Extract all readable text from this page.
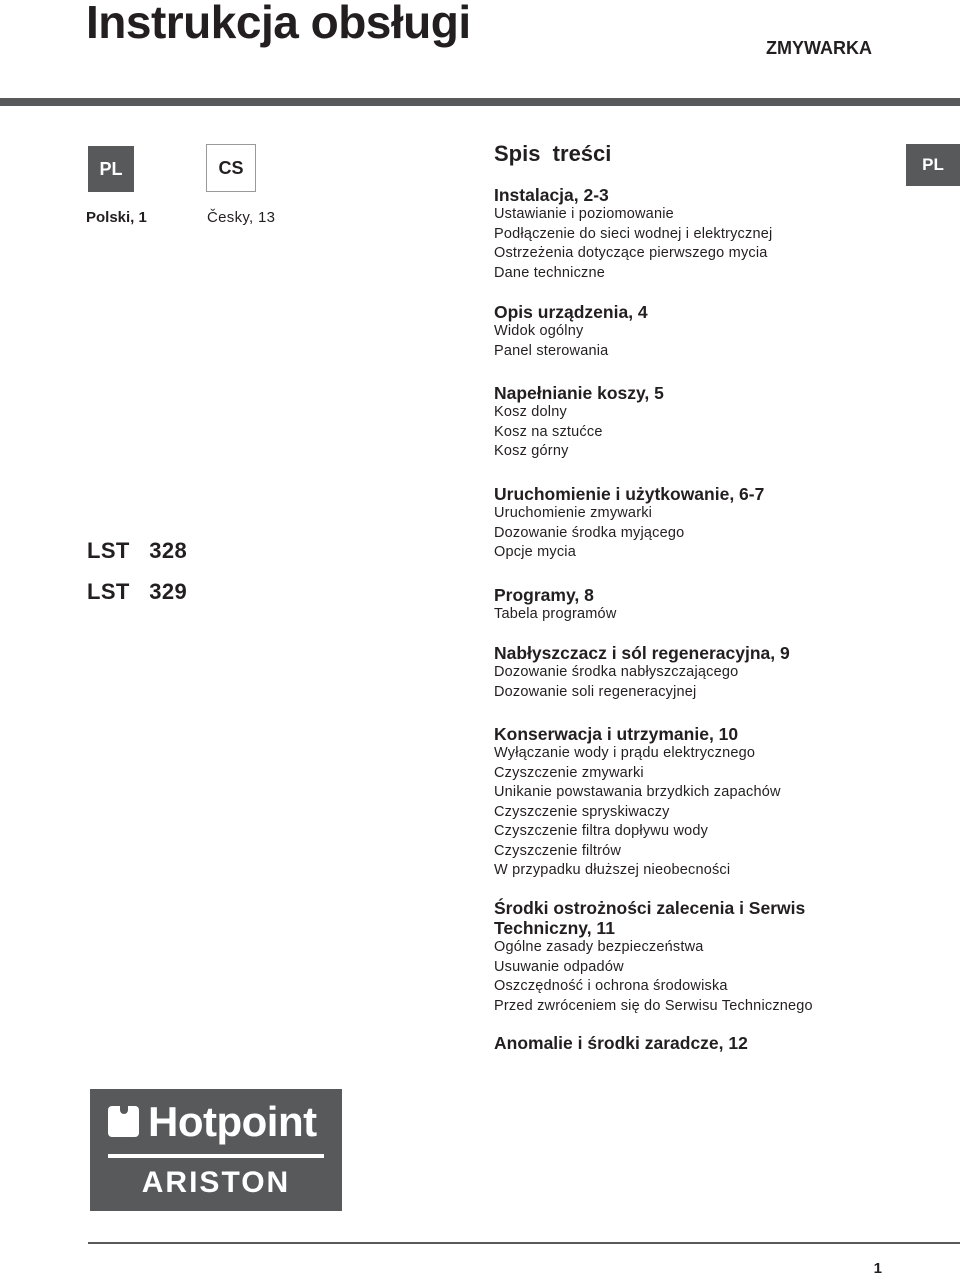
Instrukcja obsługi	ZMYWARKA
PL	CS
Polski, 1	Česky, 13
PL
LST   328
LST   329
Spis  treści
Instalacja, 2-3
Ustawianie i poziomowanie
Podłączenie do sieci wodnej i elektrycznej
Ostrzeżenia dotyczące pierwszego mycia
Dane techniczne
Opis urządzenia, 4
Widok ogólny
Panel sterowania
Napełnianie koszy, 5
Kosz dolny
Kosz na sztućce
Kosz górny
Uruchomienie i użytkowanie, 6-7
Uruchomienie zmywarki
Dozowanie środka myjącego
Opcje mycia
Programy, 8
Tabela programów
Nabłyszczacz i sól regeneracyjna, 9
Dozowanie środka nabłyszczającego
Dozowanie soli regeneracyjnej
Konserwacja i utrzymanie, 10
Wyłączanie wody i prądu elektrycznego
Czyszczenie zmywarki
Unikanie powstawania brzydkich zapachów
Czyszczenie spryskiwaczy
Czyszczenie filtra dopływu wody
Czyszczenie filtrów
W przypadku dłuższej nieobecności
Środki ostrożności zalecenia i Serwis Techniczny, 11
Ogólne zasady bezpieczeństwa
Usuwanie odpadów
Oszczędność i ochrona środowiska
Przed zwróceniem się do Serwisu Technicznego
Anomalie i środki zaradcze, 12
Hotpoint
ARISTON
1
